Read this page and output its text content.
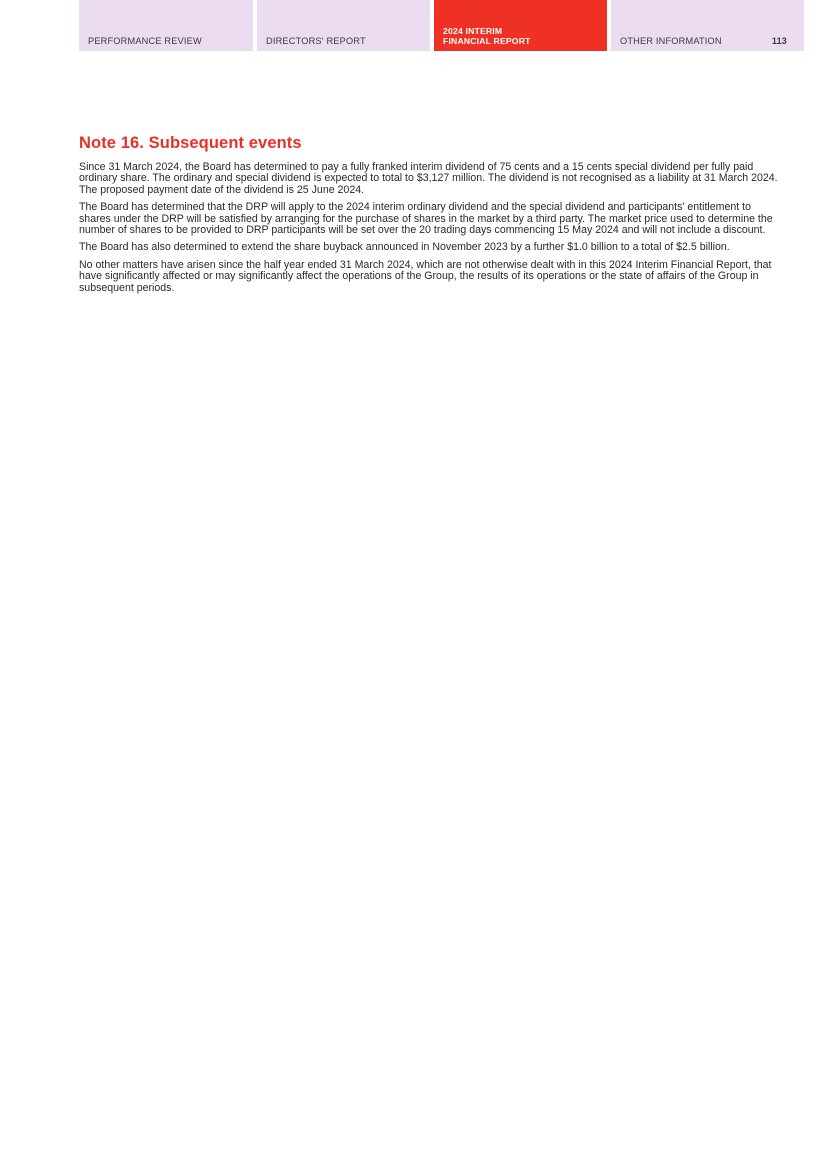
PERFORMANCE REVIEW	DIRECTORS' REPORT
2024 INTERIM
FINANCIAL REPORT	OTHER INFORMATION	113
Note 16. Subsequent events

Since 31 March 2024, the Board has determined to pay a fully franked interim dividend of 75 cents and a 15 cents special dividend per fully paid ordinary share. The ordinary and special dividend is expected to total to $3,127 million. The dividend is not recognised as a liability at 31 March 2024. The proposed payment date of the dividend is 25 June 2024.

The Board has determined that the DRP will apply to the 2024 interim ordinary dividend and the special dividend and participants' entitlement to shares under the DRP will be satisfied by arranging for the purchase of shares in the market by a third party. The market price used to determine the number of shares to be provided to DRP participants will be set over the 20 trading days commencing 15 May 2024 and will not include a discount.

The Board has also determined to extend the share buyback announced in November 2023 by a further $1.0 billion to a total of $2.5 billion.

No other matters have arisen since the half year ended 31 March 2024, which are not otherwise dealt with in this 2024 Interim Financial Report, that have significantly affected or may significantly affect the operations of the Group, the results of its operations or the state of affairs of the Group in subsequent periods.
